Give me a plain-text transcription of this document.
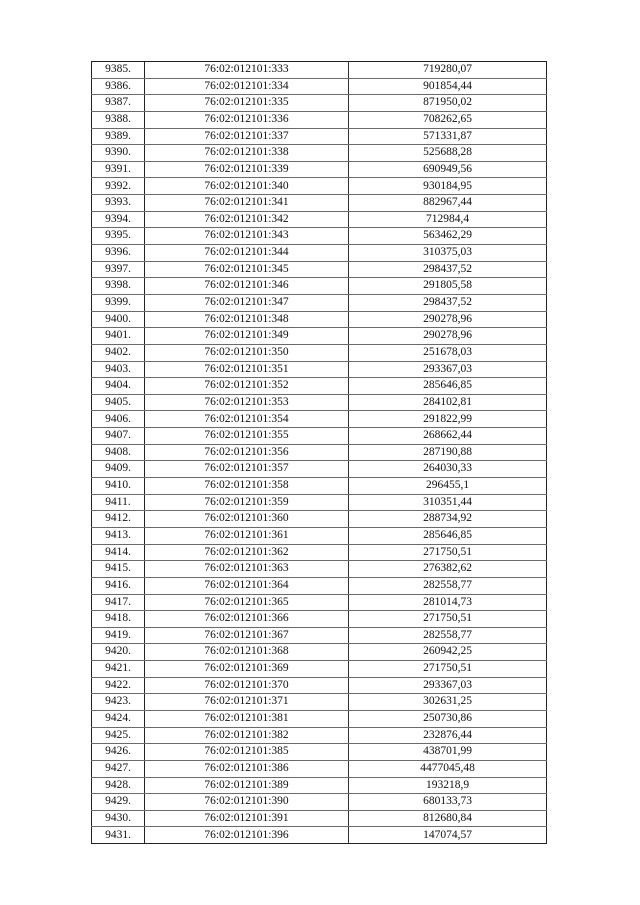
9385.	76:02:012101:333	719280,07
9386.	76:02:012101:334	901854,44
9387.	76:02:012101:335	871950,02
9388.	76:02:012101:336	708262,65
9389.	76:02:012101:337	571331,87
9390.	76:02:012101:338	525688,28
9391.	76:02:012101:339	690949,56
9392.	76:02:012101:340	930184,95
9393.	76:02:012101:341	882967,44
9394.	76:02:012101:342	712984,4
9395.	76:02:012101:343	563462,29
9396.	76:02:012101:344	310375,03
9397.	76:02:012101:345	298437,52
9398.	76:02:012101:346	291805,58
9399.	76:02:012101:347	298437,52
9400.	76:02:012101:348	290278,96
9401.	76:02:012101:349	290278,96
9402.	76:02:012101:350	251678,03
9403.	76:02:012101:351	293367,03
9404.	76:02:012101:352	285646,85
9405.	76:02:012101:353	284102,81
9406.	76:02:012101:354	291822,99
9407.	76:02:012101:355	268662,44
9408.	76:02:012101:356	287190,88
9409.	76:02:012101:357	264030,33
9410.	76:02:012101:358	296455,1
9411.	76:02:012101:359	310351,44
9412.	76:02:012101:360	288734,92
9413.	76:02:012101:361	285646,85
9414.	76:02:012101:362	271750,51
9415.	76:02:012101:363	276382,62
9416.	76:02:012101:364	282558,77
9417.	76:02:012101:365	281014,73
9418.	76:02:012101:366	271750,51
9419.	76:02:012101:367	282558,77
9420.	76:02:012101:368	260942,25
9421.	76:02:012101:369	271750,51
9422.	76:02:012101:370	293367,03
9423.	76:02:012101:371	302631,25
9424.	76:02:012101:381	250730,86
9425.	76:02:012101:382	232876,44
9426.	76:02:012101:385	438701,99
9427.	76:02:012101:386	4477045,48
9428.	76:02:012101:389	193218,9
9429.	76:02:012101:390	680133,73
9430.	76:02:012101:391	812680,84
9431.	76:02:012101:396	147074,57
